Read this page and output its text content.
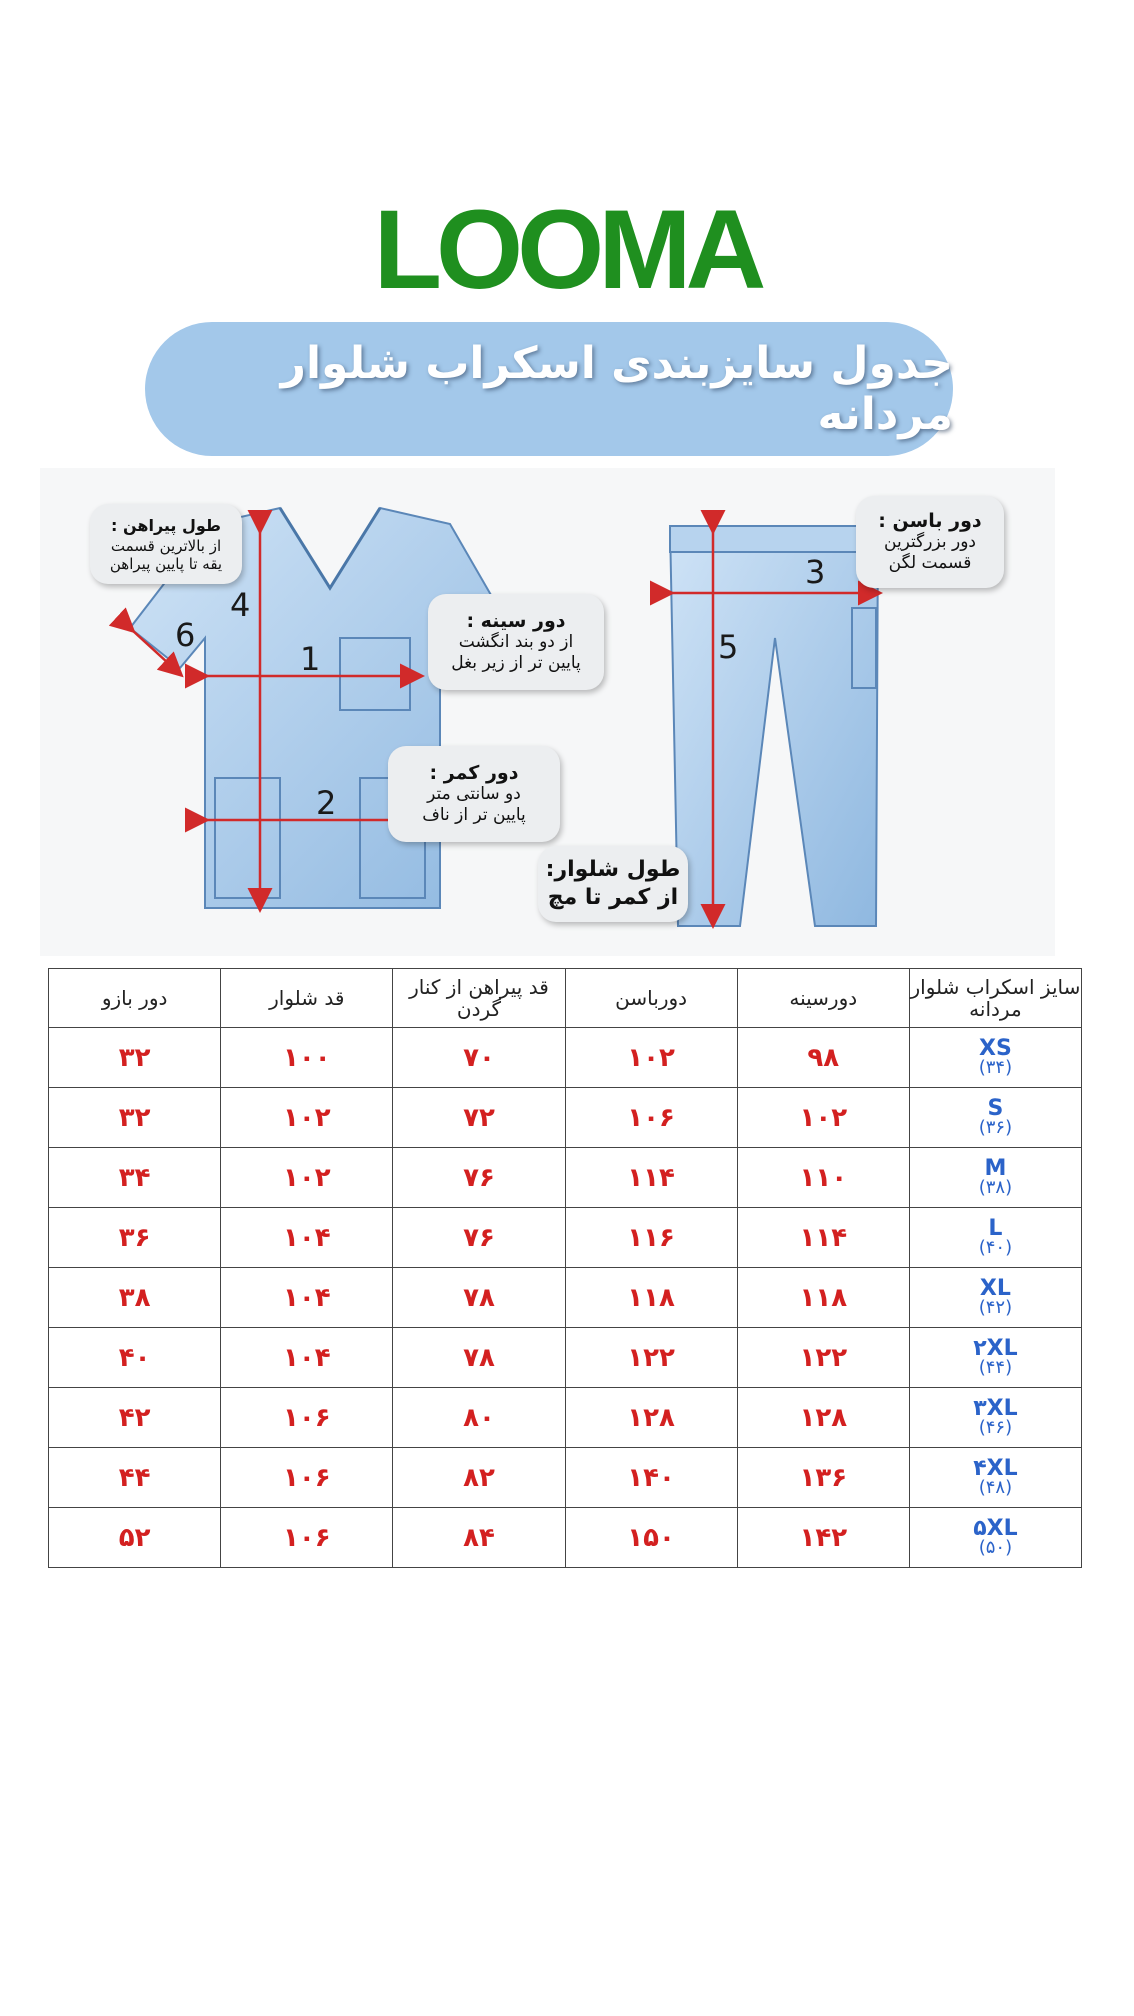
LOOMA
جدول سایزبندی اسکراب شلوار مردانه
1
2
3
4
5
6
طول پیراهن :
از بالاترین قسمت
یقه تا پایین پیراهن
دور سینه :
از دو بند انگشت
پایین تر از زیر بغل
دور کمر :
دو سانتی متر
پایین تر از ناف
طول شلوار:
از کمر تا مچ
دور باسن :
دور بزرگترین
قسمت لگن
سایز اسکراب شلوار مردانه	دورسینه	دورباسن	قد پیراهن از کنار گردن	قد شلوار	دور بازو

XS
(۳۴)	۹۸	۱۰۲	۷۰	۱۰۰	۳۲

S
(۳۶)	۱۰۲	۱۰۶	۷۲	۱۰۲	۳۲

M
(۳۸)	۱۱۰	۱۱۴	۷۶	۱۰۲	۳۴

L
(۴۰)	۱۱۴	۱۱۶	۷۶	۱۰۴	۳۶

XL
(۴۲)	۱۱۸	۱۱۸	۷۸	۱۰۴	۳۸

۲XL
(۴۴)	۱۲۲	۱۲۲	۷۸	۱۰۴	۴۰

۳XL
(۴۶)	۱۲۸	۱۲۸	۸۰	۱۰۶	۴۲

۴XL
(۴۸)	۱۳۶	۱۴۰	۸۲	۱۰۶	۴۴

۵XL
(۵۰)	۱۴۲	۱۵۰	۸۴	۱۰۶	۵۲
